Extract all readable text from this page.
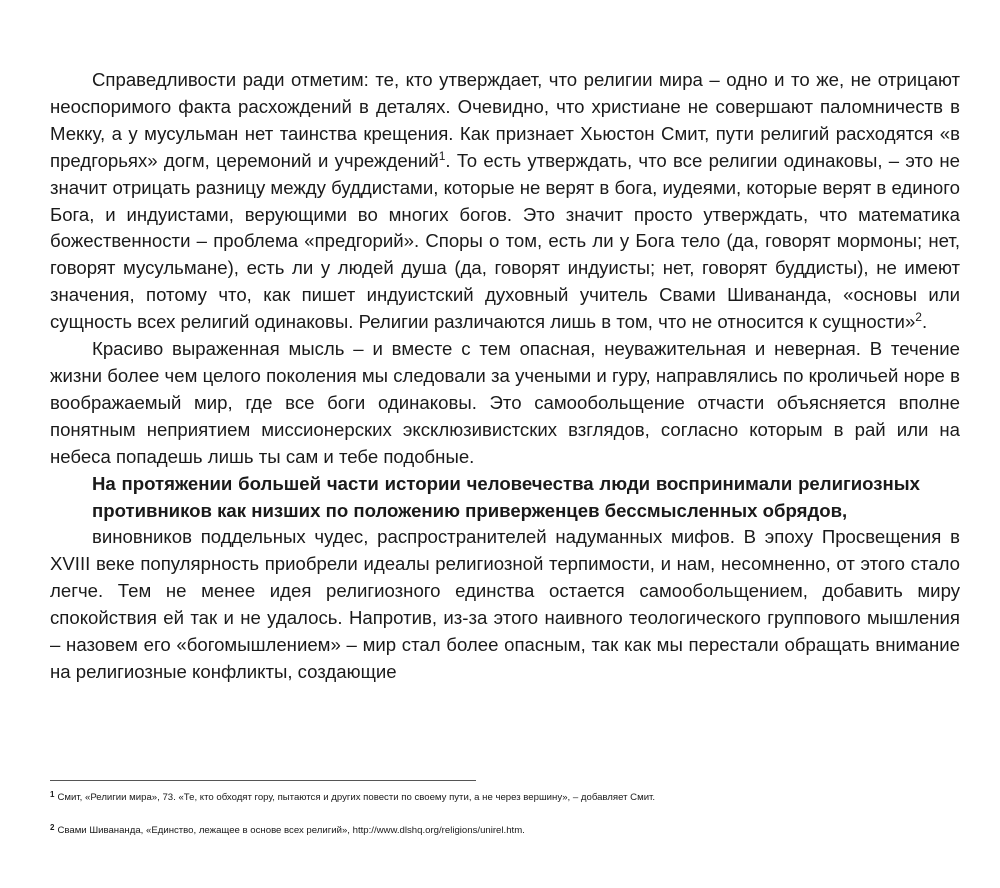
Справедливости ради отметим: те, кто утверждает, что религии мира – одно и то же, не отрицают неоспоримого факта расхождений в деталях. Очевидно, что христиане не совершают паломничеств в Мекку, а у мусульман нет таинства крещения. Как признает Хьюстон Смит, пути религий расходятся «в предгорьях» догм, церемоний и учреждений$^1$. То есть утверждать, что все религии одинаковы, – это не значит отрицать разницу между буддистами, которые не верят в бога, иудеями, которые верят в единого Бога, и индуистами, верующими во многих богов. Это значит просто утверждать, что математика божественности – проблема «предгорий». Споры о том, есть ли у Бога тело (да, говорят мормоны; нет, говорят мусульмане), есть ли у людей душа (да, говорят индуисты; нет, говорят буддисты), не имеют значения, потому что, как пишет индуистский духовный учитель Свами Шивананда, «основы или сущность всех религий одинаковы. Религии различаются лишь в том, что не относится к сущности»$^2$.

Красиво выраженная мысль – и вместе с тем опасная, неуважительная и неверная. В течение жизни более чем целого поколения мы следовали за учеными и гуру, направлялись по кроличьей норе в воображаемый мир, где все боги одинаковы. Это самообольщение отчасти объясняется вполне понятным неприятием миссионерских эксклюзивистских взглядов, согласно которым в рай или на небеса попадешь лишь ты сам и тебе подобные.

На протяжении большей части истории человечества люди воспринимали религиозных противников как низших по положению приверженцев бессмысленных обрядов,

виновников поддельных чудес, распространителей надуманных мифов. В эпоху Просвещения в XVIII веке популярность приобрели идеалы религиозной терпимости, и нам, несомненно, от этого стало легче. Тем не менее идея религиозного единства остается самообольщением, добавить миру спокойствия ей так и не удалось. Напротив, из-за этого наивного теологического группового мышления – назовем его «богомышлением» – мир стал более опасным, так как мы перестали обращать внимание на религиозные конфликты, создающие

$^1$ Смит, «Религии мира», 73. «Те, кто обходят гору, пытаются и других повести по своему пути, а не через вершину», – добавляет Смит.

$^2$ Свами Шивананда, «Единство, лежащее в основе всех религий», http://www.dlshq.org/religions/unirel.htm.
